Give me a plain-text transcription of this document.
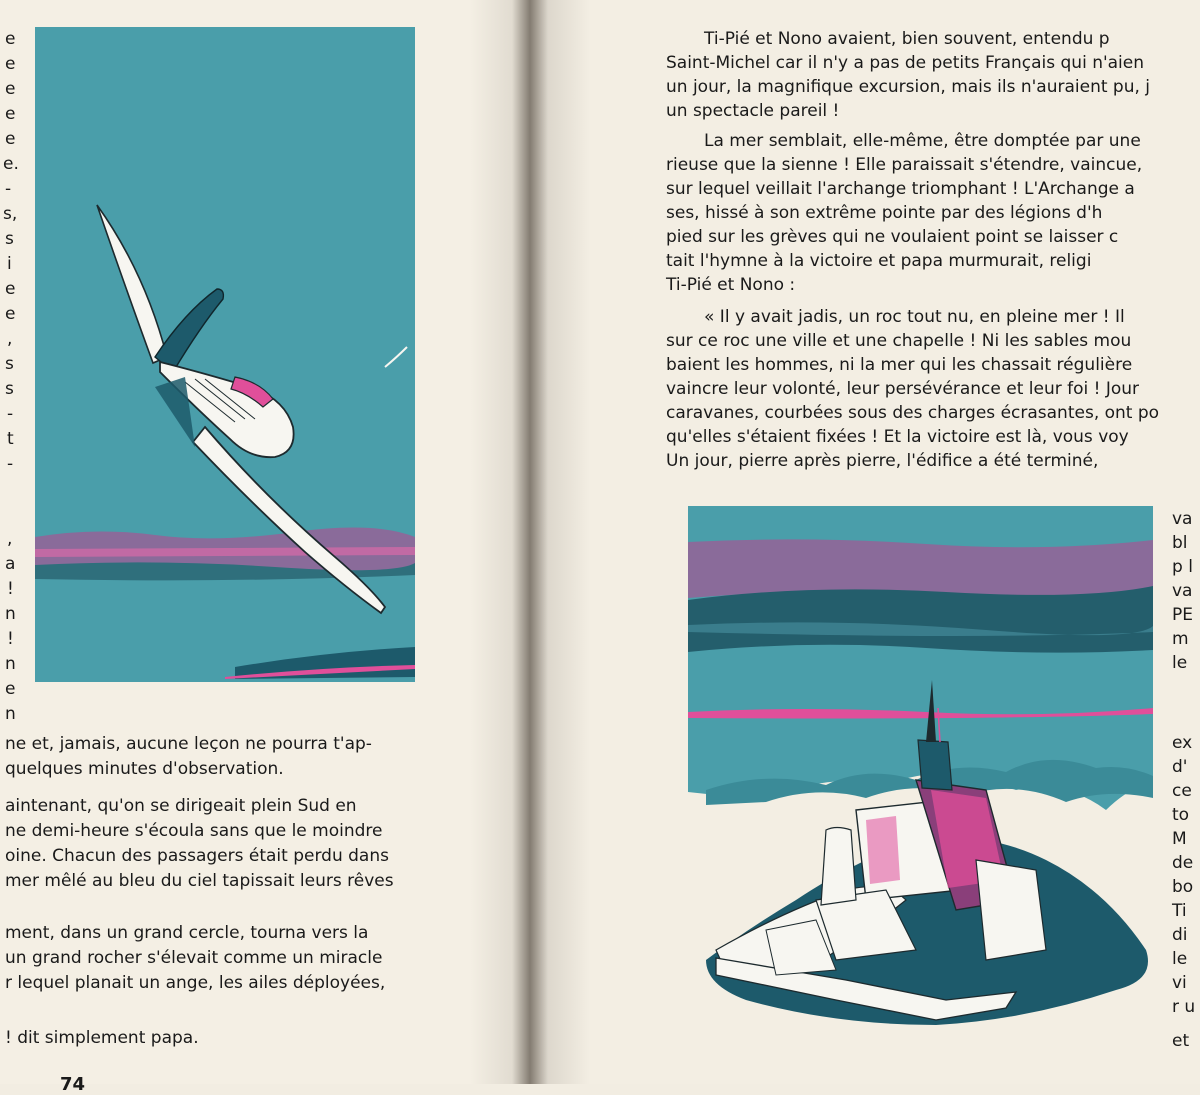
e
e
e
e
e
e.
-
s,
s
i
e
e
,
s
s
-
t
-
,
a
!
n
!
n
e
n
ne et, jamais, aucune leçon ne pourra t'ap-
quelques minutes d'observation.
aintenant, qu'on se dirigeait plein Sud en
ne demi-heure s'écoula sans que le moindre
oine. Chacun des passagers était perdu dans
mer mêlé au bleu du ciel tapissait leurs rêves
ment, dans un grand cercle, tourna vers la
un grand rocher s'élevait comme un miracle
r lequel planait un ange, les ailes déployées,
! dit simplement papa.
74
Ti-Pié et Nono avaient, bien souvent, entendu p
Saint-Michel car il n'y a pas de petits Français qui n'aien
un jour, la magnifique excursion, mais ils n'auraient pu, j
un spectacle pareil !
La mer semblait, elle-même, être domptée par une
rieuse que la sienne ! Elle paraissait s'étendre, vaincue,
sur lequel veillait l'archange triomphant ! L'Archange a
ses, hissé à son extrême pointe par des légions d'h
pied sur les grèves qui ne voulaient point se laisser c
tait l'hymne à la victoire et papa murmurait, religi
Ti-Pié et Nono :
« Il y avait jadis, un roc tout nu, en pleine mer ! Il
sur ce roc une ville et une chapelle ! Ni les sables mou
baient les hommes, ni la mer qui les chassait régulière
vaincre leur volonté, leur persévérance et leur foi ! Jour
caravanes, courbées sous des charges écrasantes, ont po
qu'elles s'étaient fixées ! Et la victoire est là, vous voy
Un jour, pierre après pierre, l'édifice a été terminé,
va
bl
p l
va
PE
m
le
ex
d'
ce
to
M
de
bo
Ti
di
le
vi
r u
et
